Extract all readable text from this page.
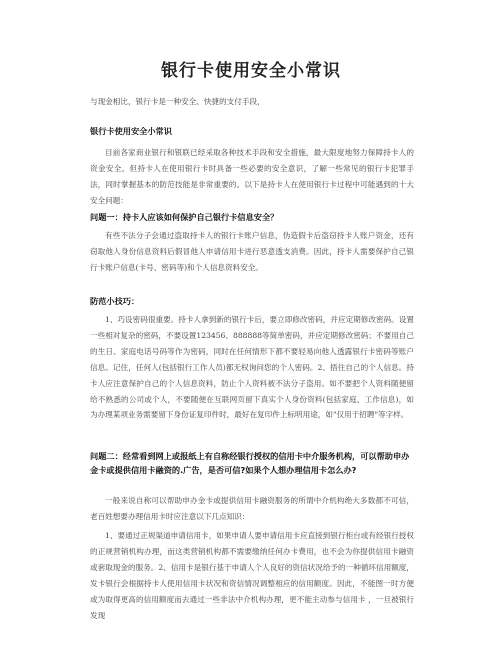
银行卡使用安全小常识
与现金相比，银行卡是一种安全、快捷的支付手段，
银行卡使用安全小常识
目前各家商业银行和银联已经采取各种技术手段和安全措施，最大限度地努力保障持卡人的资金安全。但持卡人在使用银行卡时具备一些必要的安全意识，了解一些常见的银行卡犯罪手法，同时掌握基本的防范技能是非常重要的。以下是持卡人在使用银行卡过程中可能遇到的十大安全问题：
问题一：持卡人应该如何保护自己银行卡信息安全？
有些不法分子会通过盗取持卡人的银行卡账户信息，伪造假卡后盗窃持卡人账户资金，还有窃取他人身份信息资料后假冒他人申请信用卡进行恶意透支消费。因此，持卡人需要保护自己银行卡账户信息(卡号、密码等)和个人信息资料安全。
防范小技巧：
1、巧设密码很重要。持卡人拿到新的银行卡后，要立即修改密码，并应定期修改密码。设置一些相对复杂的密码，不要设置123456、888888等简单密码，并应定期修改密码；不要用自己的生日、家庭电话号码等作为密码，同时在任何情形下都不要轻易向他人透露银行卡密码等账户信息。记住，任何人(包括银行工作人员)都无权询问您的个人密码。2、捂住自己的个人信息。持卡人应注意保护自己的个人信息资料，防止个人资料被不法分子盗用。如不要把个人资料随便留给不熟悉的公司或个人，不要随便在互联网页留下真实个人身份资料(包括家庭、工作信息)，如为办理某项业务需要留下身份证复印件时，最好在复印件上标明用途，如"仅用于招聘"等字样。
问题二：经常看到网上或报纸上有自称经银行授权的信用卡中介服务机构，可以帮助申办金卡或提供信用卡融资的.广告，是否可信?如果个人想办理信用卡怎么办?
一般来说自称可以帮助申办金卡或提供信用卡融资服务的所谓中介机构绝大多数都不可信，老百姓想要办理信用卡时应注意以下几点知识：
1、要通过正规渠道申请信用卡，如果申请人要申请信用卡应直接到银行柜台或有经银行授权的正规营销机构办理，而这类营销机构都不需要缴纳任何办卡费用，也不会为你提供信用卡融资或套取现金的服务。2、信用卡是银行基于申请人个人良好的资信状况给予的一种循环信用额度，发卡银行会根据持卡人使用信用卡状况和资信情况调整相应的信用额度。因此，不能图一时方便或为取得更高的信用额度而去通过一些非法中介机构办理，更不能主动参与信用卡 ，一旦被银行发现
